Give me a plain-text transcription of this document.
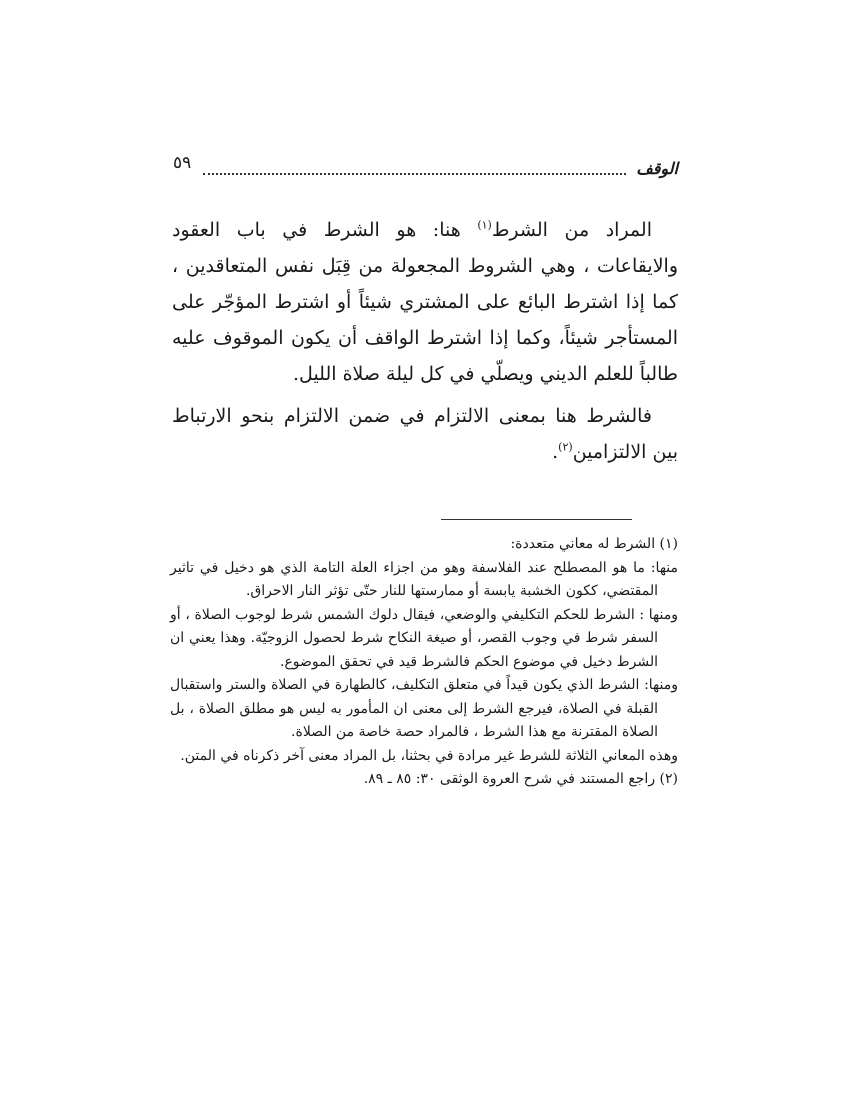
الوقف
٥٩

المراد من الشرط$^{(١)}$ هنا: هو الشرط في باب العقود والايقاعات ، وهي الشروط المجعولة من قِبَل نفس المتعاقدين ، كما إذا اشترط البائع على المشتري شيئاً أو اشترط المؤجّر على المستأجر شيئاً، وكما إذا اشترط الواقف أن يكون الموقوف عليه طالباً للعلم الديني ويصلّي في كل ليلة صلاة الليل.

فالشرط هنا بمعنى الالتزام في ضمن الالتزام بنحو الارتباط بين الالتزامين$^{(٢)}$.

(١) الشرط له معاني متعددة:

منها: ما هو المصطلح عند الفلاسفة وهو من اجزاء العلة التامة الذي هو دخيل في تاثير المقتضي، ككون الخشبة يابسة أو ممارستها للنار حتّى تؤثر النار الاحراق.

ومنها : الشرط للحكم التكليفي والوضعي، فيقال دلوك الشمس شرط لوجوب الصلاة ، أو السفر شرط في وجوب القصر، أو صيغة النكاح شرط لحصول الزوجيّة. وهذا يعني ان الشرط دخيل في موضوع الحكم فالشرط قيد في تحقق الموضوع.

ومنها: الشرط الذي يكون قيداً في متعلق التكليف، كالطهارة في الصلاة والستر واستقبال القبلة في الصلاة، فيرجع الشرط إلى معنى ان المأمور به ليس هو مطلق الصلاة ، بل الصلاة المقترنة مع هذا الشرط ، فالمراد حصة خاصة من الصلاة.

وهذه المعاني الثلاثة للشرط غير مرادة في بحثنا، بل المراد معنى آخر ذكرناه في المتن.

(٢) راجع المستند في شرح العروة الوثقى ٣٠: ٨٥ ـ ٨٩.
